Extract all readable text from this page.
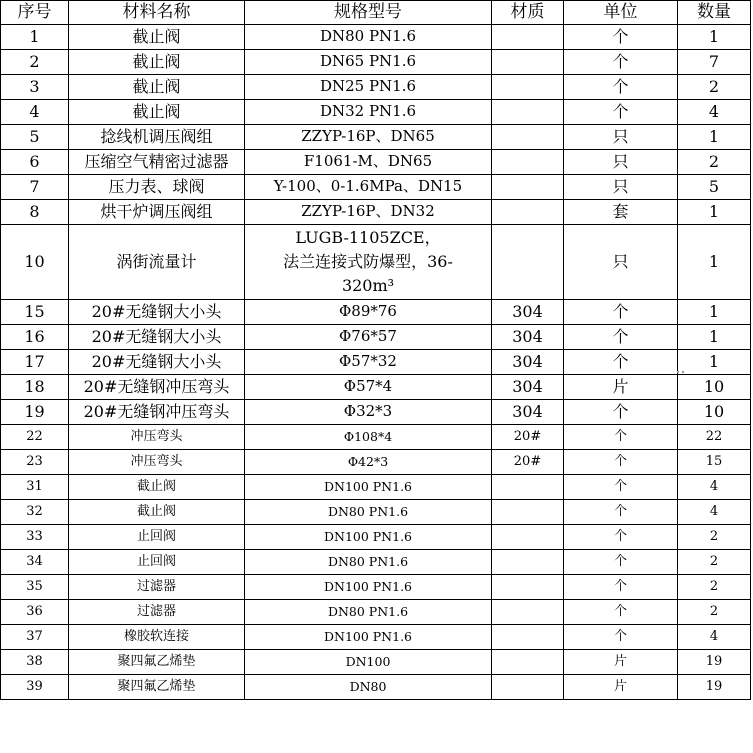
序号	材料名称	规格型号	材质	单位	数量
1	截止阀	DN80 PN1.6		个	1
2	截止阀	DN65 PN1.6		个	7
3	截止阀	DN25 PN1.6		个	2
4	截止阀	DN32 PN1.6		个	4
5	捻线机调压阀组	ZZYP-16P、DN65		只	1
6	压缩空气精密过滤器	F1061-M、DN65		只	2
7	压力表、球阀	Y-100、0-1.6MPa、DN15		只	5
8	烘干炉调压阀组	ZZYP-16P、DN32		套	1
10	涡街流量计	LUGB-1105ZCE，
法兰连接式防爆型，36-
320m³		只	1
15	20#无缝钢大小头	Φ89*76	304	个	1
16	20#无缝钢大小头	Φ76*57	304	个	1
17	20#无缝钢大小头	Φ57*32	304	个	1
18	20#无缝钢冲压弯头	Φ57*4	304	片	10
19	20#无缝钢冲压弯头	Φ32*3	304	个	10
22	冲压弯头	Φ108*4	20#	个	22
23	冲压弯头	Φ42*3	20#	个	15
31	截止阀	DN100 PN1.6		个	4
32	截止阀	DN80 PN1.6		个	4
33	止回阀	DN100 PN1.6		个	2
34	止回阀	DN80 PN1.6		个	2
35	过滤器	DN100 PN1.6		个	2
36	过滤器	DN80 PN1.6		个	2
37	橡胶软连接	DN100 PN1.6		个	4
38	聚四氟乙烯垫	DN100		片	19
39	聚四氟乙烯垫	DN80		片	19
